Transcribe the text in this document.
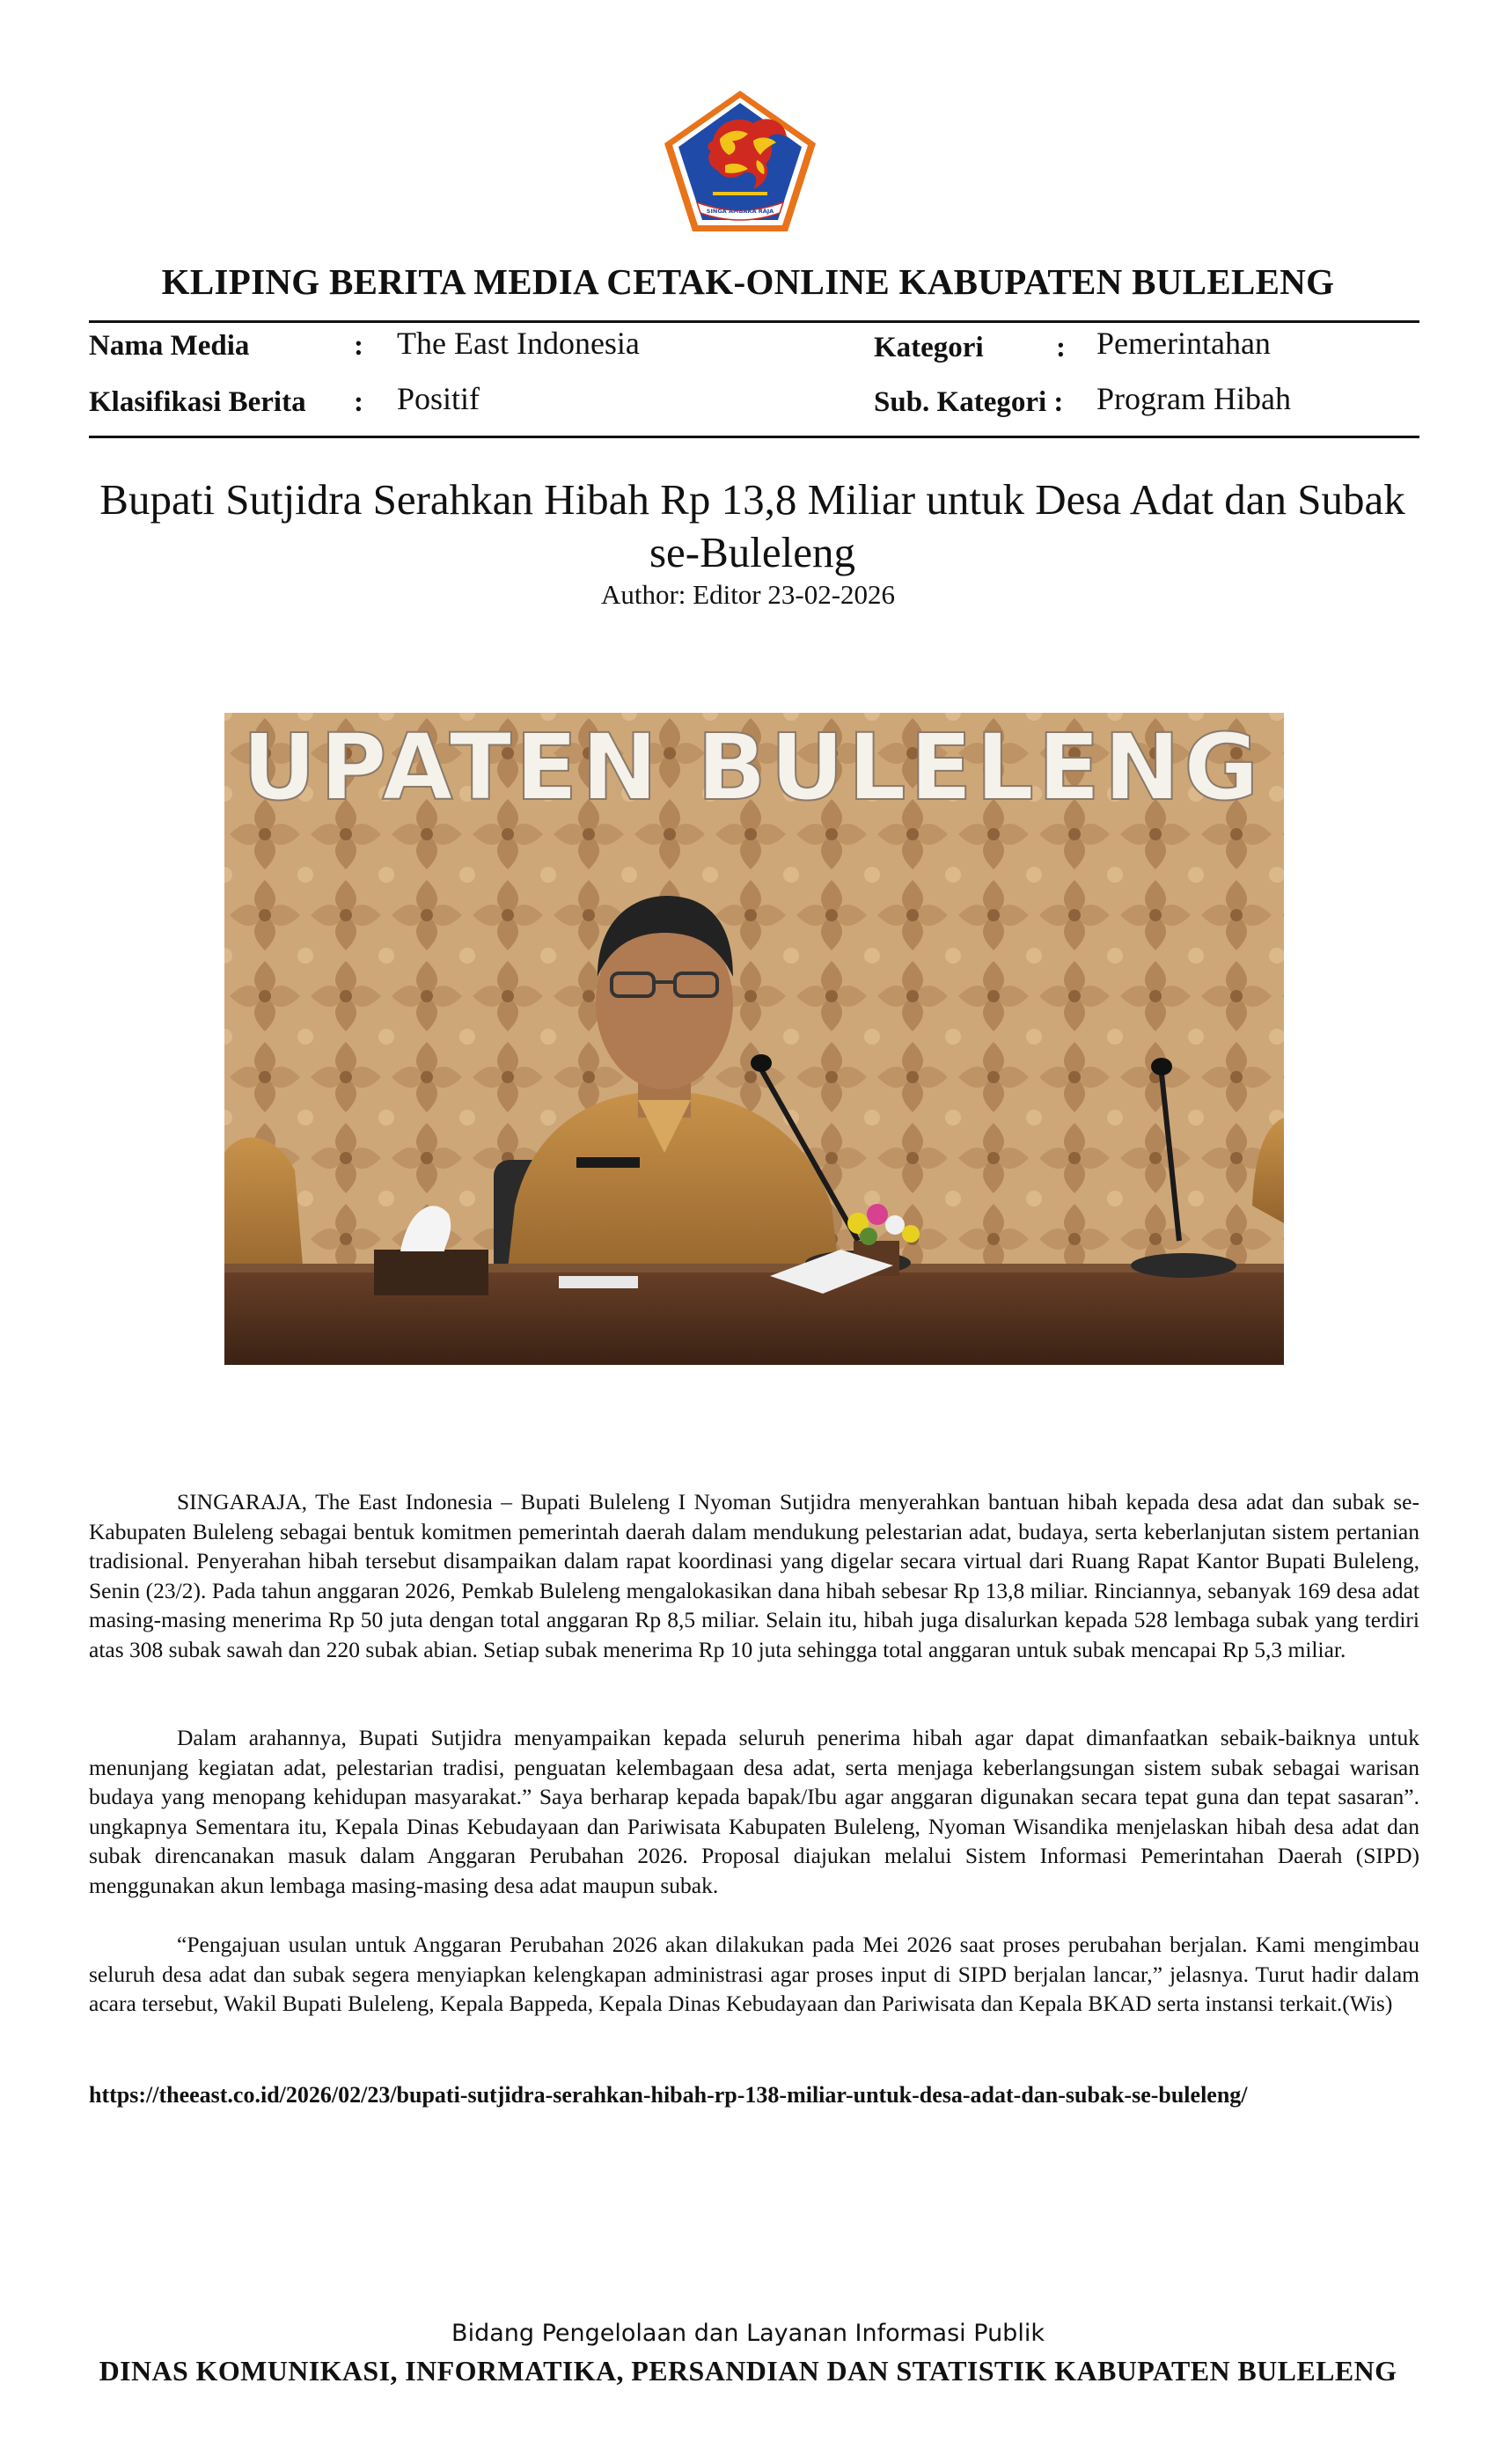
SINGA AMBARA RAJA
KLIPING BERITA MEDIA CETAK-ONLINE KABUPATEN BULELENG
Nama Media	: The East Indonesia
Klasifikasi Berita : Positif
Kategori : Pemerintahan
Sub. Kategori : Program Hibah
Bupati Sutjidra Serahkan Hibah Rp 13,8 Miliar untuk Desa Adat dan Subak se-Buleleng
Author: Editor 23-02-2026
UPATEN BULELENG
SINGARAJA, The East Indonesia – Bupati Buleleng I Nyoman Sutjidra menyerahkan bantuan hibah kepada desa adat dan subak se- Kabupaten Buleleng sebagai bentuk komitmen pemerintah daerah dalam mendukung pelestarian adat, budaya, serta keberlanjutan sistem pertanian tradisional. Penyerahan hibah tersebut disampaikan dalam rapat koordinasi yang digelar secara virtual dari Ruang Rapat Kantor Bupati Buleleng, Senin (23/2). Pada tahun anggaran 2026, Pemkab Buleleng mengalokasikan dana hibah sebesar Rp 13,8 miliar. Rinciannya, sebanyak 169 desa adat masing-masing menerima Rp 50 juta dengan total anggaran Rp 8,5 miliar. Selain itu, hibah juga disalurkan kepada 528 lembaga subak yang terdiri atas 308 subak sawah dan 220 subak abian. Setiap subak menerima Rp 10 juta sehingga total anggaran untuk subak mencapai Rp 5,3 miliar.
Dalam arahannya, Bupati Sutjidra menyampaikan kepada seluruh penerima hibah agar dapat dimanfaatkan sebaik-baiknya untuk menunjang kegiatan adat, pelestarian tradisi, penguatan kelembagaan desa adat, serta menjaga keberlangsungan sistem subak sebagai warisan budaya yang menopang kehidupan masyarakat.” Saya berharap kepada bapak/Ibu agar anggaran digunakan secara tepat guna dan tepat sasaran”. ungkapnya Sementara itu, Kepala Dinas Kebudayaan dan Pariwisata Kabupaten Buleleng, Nyoman Wisandika menjelaskan hibah desa adat dan subak direncanakan masuk dalam Anggaran Perubahan 2026. Proposal diajukan melalui Sistem Informasi Pemerintahan Daerah (SIPD) menggunakan akun lembaga masing-masing desa adat maupun subak.
“Pengajuan usulan untuk Anggaran Perubahan 2026 akan dilakukan pada Mei 2026 saat proses perubahan berjalan. Kami mengimbau seluruh desa adat dan subak segera menyiapkan kelengkapan administrasi agar proses input di SIPD berjalan lancar,” jelasnya. Turut hadir dalam acara tersebut, Wakil Bupati Buleleng, Kepala Bappeda, Kepala Dinas Kebudayaan dan Pariwisata dan Kepala BKAD serta instansi terkait.(Wis)
https://theeast.co.id/2026/02/23/bupati-sutjidra-serahkan-hibah-rp-138-miliar-untuk-desa-adat-dan-subak-se-buleleng/
Bidang Pengelolaan dan Layanan Informasi Publik
DINAS KOMUNIKASI, INFORMATIKA, PERSANDIAN DAN STATISTIK KABUPATEN BULELENG
